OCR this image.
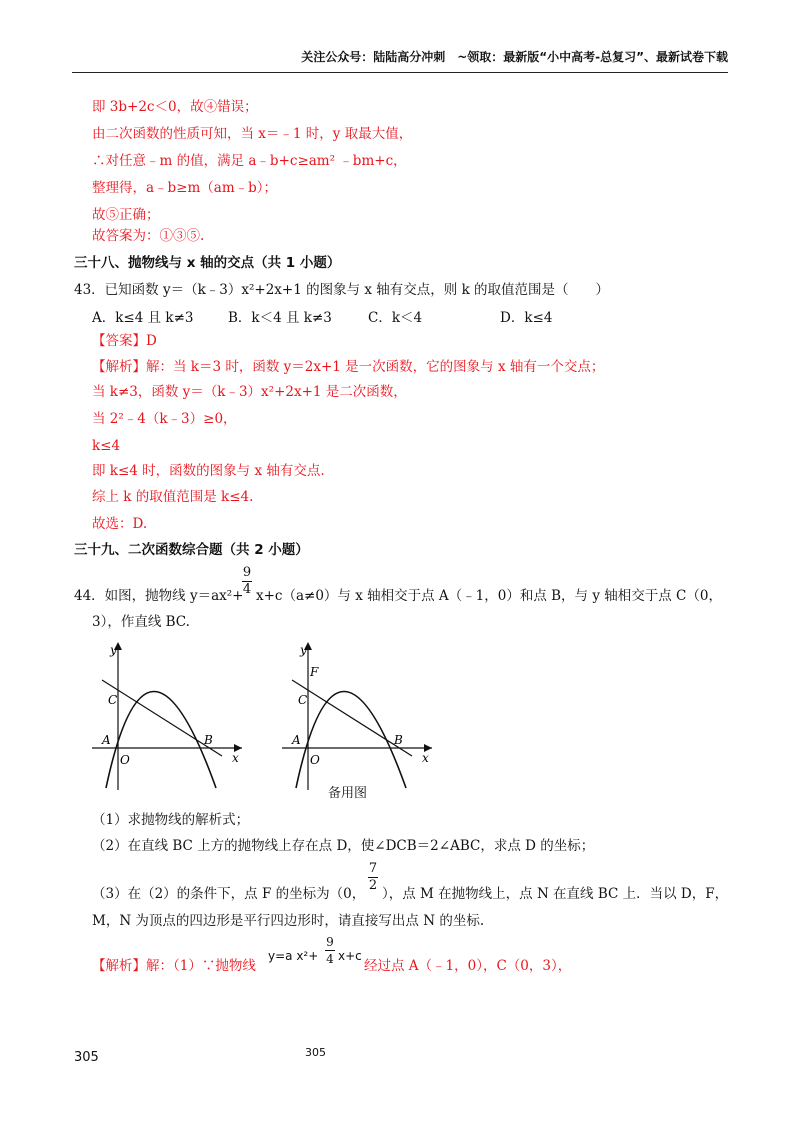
关注公众号：陆陆高分冲刺　~领取：最新版“小中高考-总复习”、最新试卷下载
即 3b+2c＜0，故④错误；
由二次函数的性质可知，当 x＝﹣1 时，y 取最大值，
∴对任意﹣m 的值，满足 a﹣b+c≥am² ﹣bm+c，
整理得，a﹣b≥m（am﹣b）；
故⑤正确；
故答案为：①③⑤.
三十八、抛物线与 x 轴的交点（共 1 小题）
43．已知函数 y＝（k﹣3）x²+2x+1 的图象与 x 轴有交点，则 k 的取值范围是（　　）
A．k≤4 且 k≠3	B．k＜4 且 k≠3	C．k＜4	D．k≤4
【答案】D
【解析】解：当 k＝3 时，函数 y＝2x+1 是一次函数，它的图象与 x 轴有一个交点；
当 k≠3，函数 y＝（k﹣3）x²+2x+1 是二次函数，
当 2²﹣4（k﹣3）≥0，
k≤4
即 k≤4 时，函数的图象与 x 轴有交点.
综上 k 的取值范围是 k≤4.
故选：D.
三十九、二次函数综合题（共 2 小题）
44．如图，抛物线 y＝ax²+
9
4 x+c（a≠0）与 x 轴相交于点 A（﹣1，0）和点 B，与 y 轴相交于点 C（0，
3），作直线 BC.
y
x
C
A
O
B
y
F
x
C
A
O
B
备用图
（1）求抛物线的解析式；
（2）在直线 BC 上方的抛物线上存在点 D，使∠DCB＝2∠ABC，求点 D 的坐标；
（3）在（2）的条件下，点 F 的坐标为（0，
7
2
），点 M 在抛物线上，点 N 在直线 BC 上．当以 D，F，
M，N 为顶点的四边形是平行四边形时，请直接写出点 N 的坐标.
【解析】解：（1）∵抛物线
y=a x²+
9
4 x+c
经过点 A（﹣1，0），C（0，3），
305	305
